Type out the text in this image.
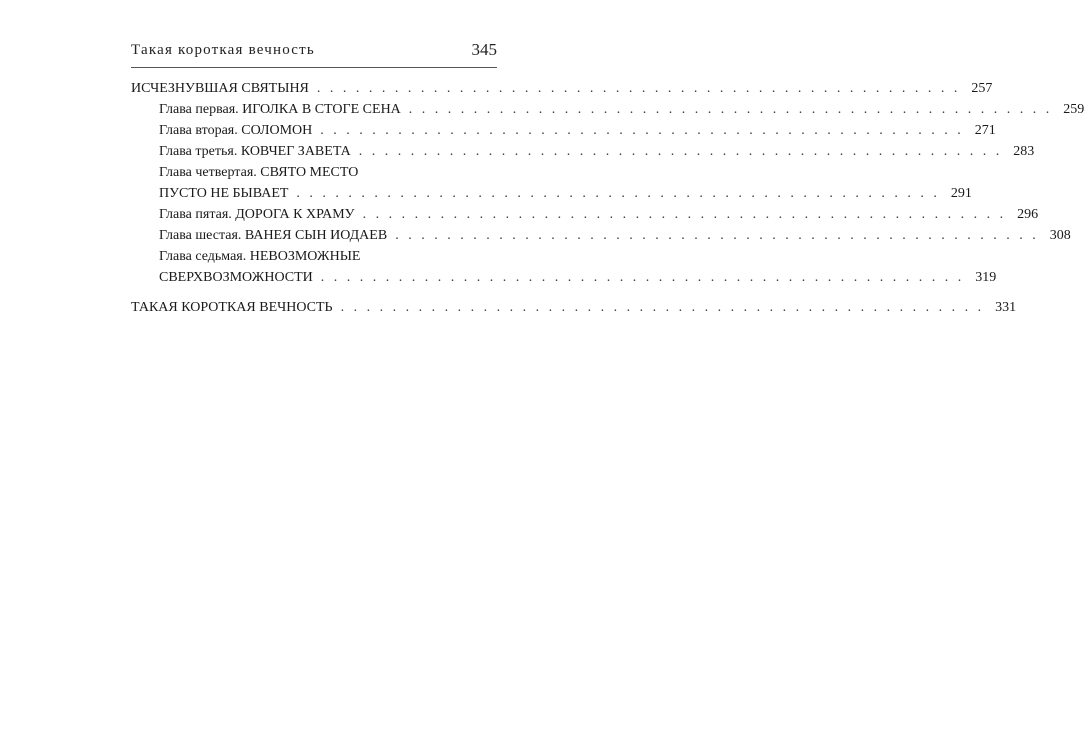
Такая короткая вечность	345
ИСЧЕЗНУВШАЯ СВЯТЫНЯ . . . . . . . . . . . . . . . . . . . . . . . . . . . . . . . . . . . . . . . . . . . . . . . . . . 257
Глава первая. ИГОЛКА В СТОГЕ СЕНА . . . . . . . . . . . . . . . . . . . . . . . . . . . . . . . . . . . . . . . . . . . . . . . . . . 259
Глава вторая. СОЛОМОН . . . . . . . . . . . . . . . . . . . . . . . . . . . . . . . . . . . . . . . . . . . . . . . . . . 271
Глава третья. КОВЧЕГ ЗАВЕТА . . . . . . . . . . . . . . . . . . . . . . . . . . . . . . . . . . . . . . . . . . . . . . . . . . 283
Глава четвертая. СВЯТО МЕСТО
ПУСТО НЕ БЫВАЕТ . . . . . . . . . . . . . . . . . . . . . . . . . . . . . . . . . . . . . . . . . . . . . . . . . . 291
Глава пятая. ДОРОГА К ХРАМУ . . . . . . . . . . . . . . . . . . . . . . . . . . . . . . . . . . . . . . . . . . . . . . . . . . 296
Глава шестая. ВАНЕЯ СЫН ИОДАЕВ . . . . . . . . . . . . . . . . . . . . . . . . . . . . . . . . . . . . . . . . . . . . . . . . . . 308
Глава седьмая. НЕВОЗМОЖНЫЕ
СВЕРХВОЗМОЖНОСТИ . . . . . . . . . . . . . . . . . . . . . . . . . . . . . . . . . . . . . . . . . . . . . . . . . . 319
ТАКАЯ КОРОТКАЯ ВЕЧНОСТЬ . . . . . . . . . . . . . . . . . . . . . . . . . . . . . . . . . . . . . . . . . . . . . . . . . . 331
